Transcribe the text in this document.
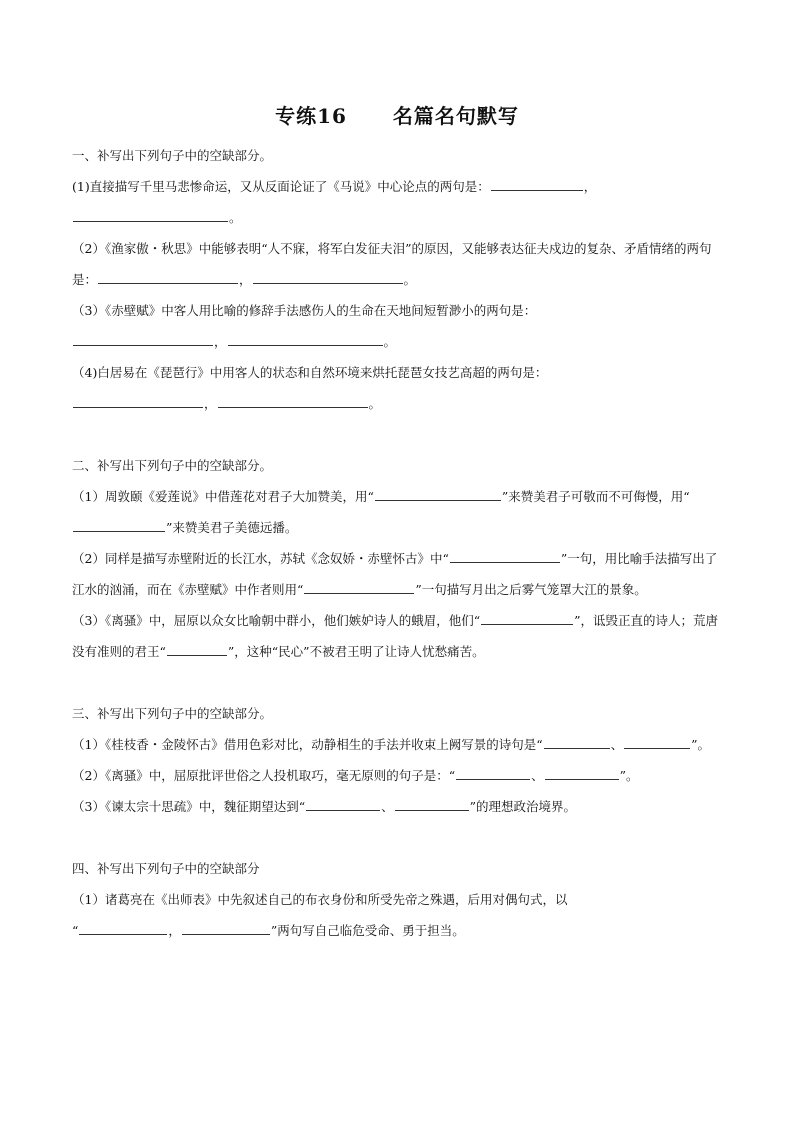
专练16 名篇名句默写

一、补写出下列句子中的空缺部分。

(1)直接描写千里马悲惨命运，又从反面论证了《马说》中心论点的两句是：	，
。

（2）《渔家傲・秋思》中能够表明“人不寐，将军白发征夫泪”的原因，又能够表达征夫戍边的复杂、矛盾情绪的两句是：	，	。

（3）《赤壁赋》中客人用比喻的修辞手法感伤人的生命在天地间短暂渺小的两句是：
，	。

（4)白居易在《琵琶行》中用客人的状态和自然环境来烘托琵琶女技艺高超的两句是：
，	。

二、补写出下列句子中的空缺部分。

（1）周敦颐《爱莲说》中借莲花对君子大加赞美，用“	”来赞美君子可敬而不可侮慢，用“”来赞美君子美德远播。

（2）同样是描写赤壁附近的长江水，苏轼《念奴娇・赤壁怀古》中“	”一句，用比喻手法描写出了江水的汹涌，而在《赤壁赋》中作者则用“	”一句描写月出之后雾气笼罩大江的景象。

（3）《离骚》中，屈原以众女比喻朝中群小，他们嫉妒诗人的蛾眉，他们“	”，诋毁正直的诗人；荒唐没有准则的君王“	”，这种“民心”不被君王明了让诗人忧愁痛苦。

三、补写出下列句子中的空缺部分。

（1）《桂枝香・金陵怀古》借用色彩对比，动静相生的手法并收束上阙写景的诗句是“	、	”。

（2）《离骚》中，屈原批评世俗之人投机取巧，毫无原则的句子是：“	、	”。

（3）《谏太宗十思疏》中，魏征期望达到“	、	”的理想政治境界。

四、补写出下列句子中的空缺部分

（1）诸葛亮在《出师表》中先叙述自己的布衣身份和所受先帝之殊遇，后用对偶句式，以
“	，	”两句写自己临危受命、勇于担当。
